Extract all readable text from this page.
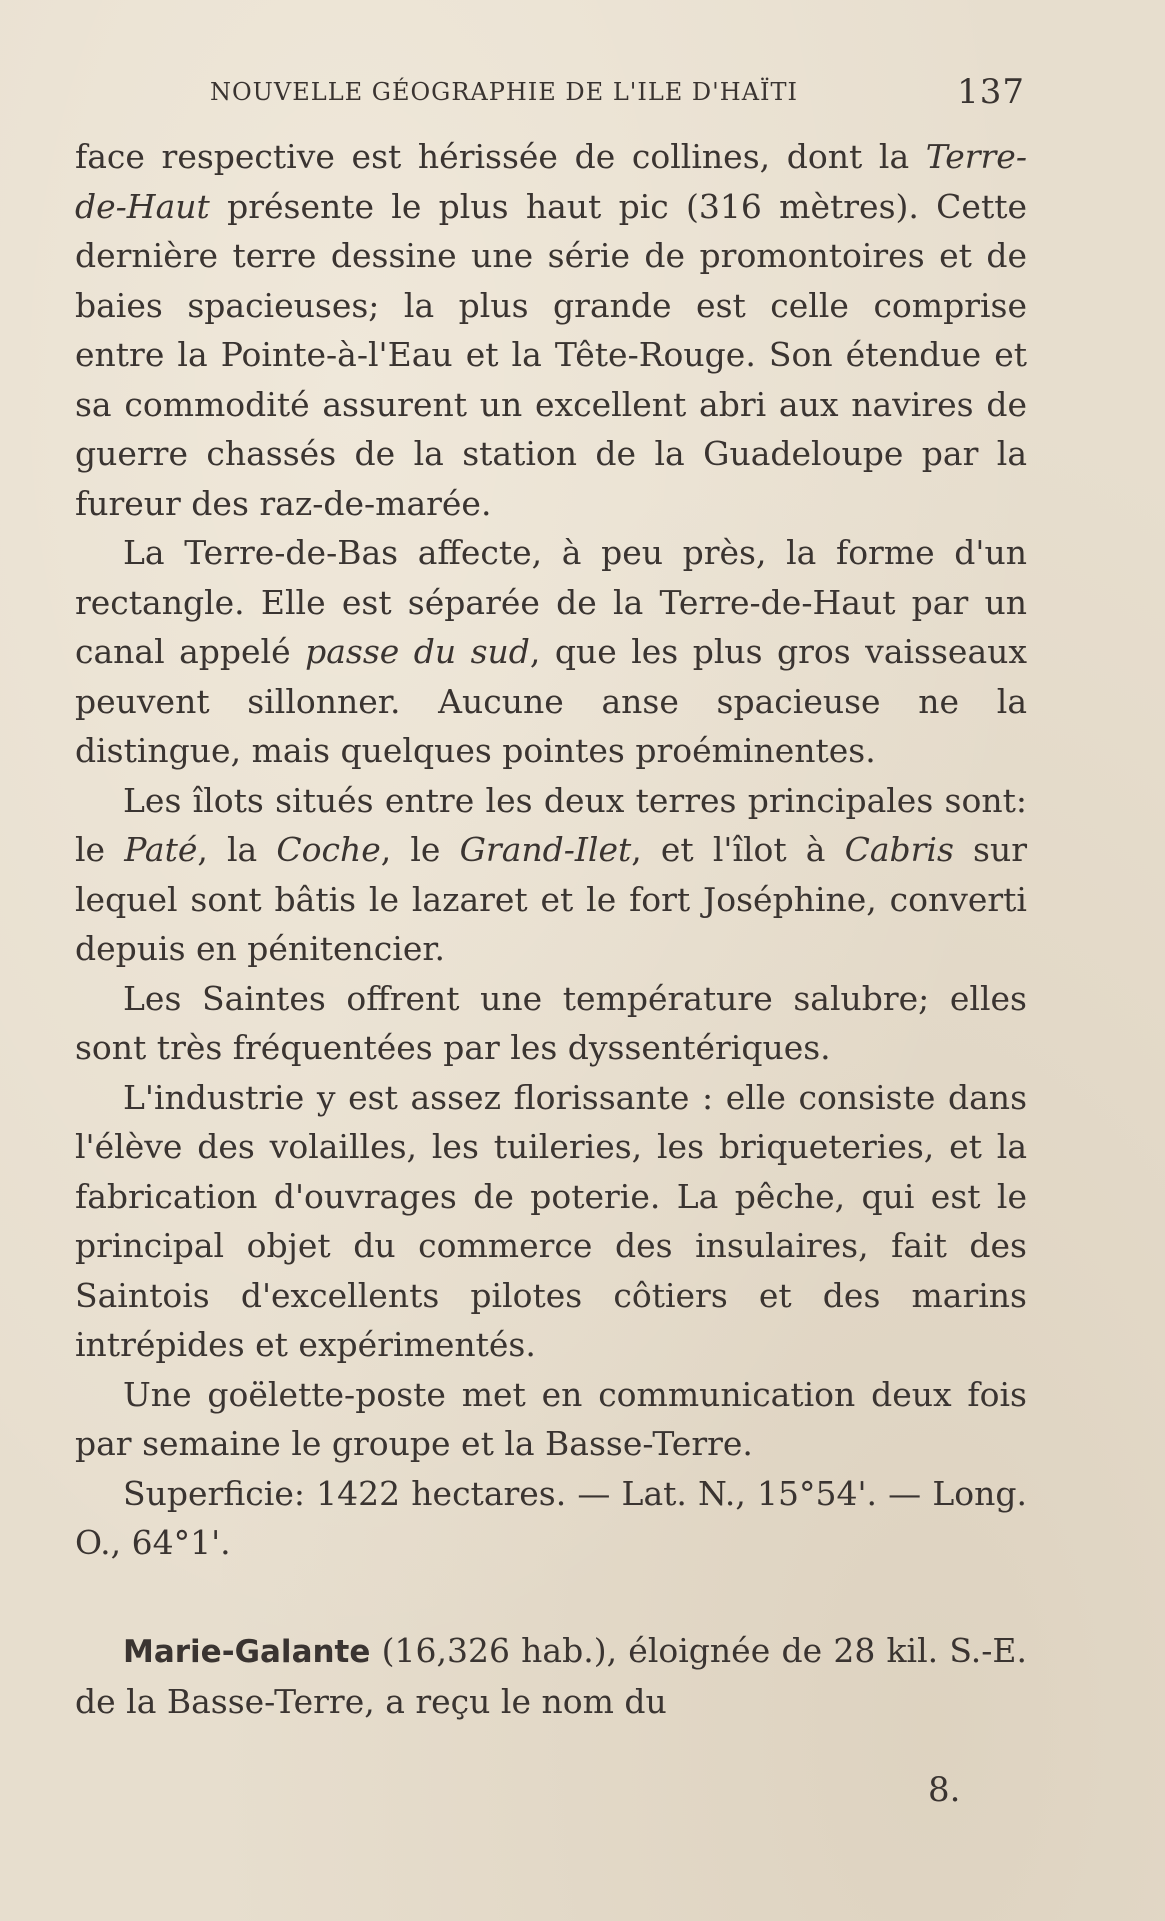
NOUVELLE GÉOGRAPHIE DE L'ILE D'HAÏTI	137

face respective est hérissée de collines, dont la Terre-de-Haut présente le plus haut pic (316 mètres). Cette dernière terre dessine une série de promontoires et de baies spacieuses; la plus grande est celle comprise entre la Pointe-à-l'Eau et la Tête-Rouge. Son étendue et sa commodité assurent un excellent abri aux navires de guerre chassés de la station de la Guadeloupe par la fureur des raz-de-marée.

La Terre-de-Bas affecte, à peu près, la forme d'un rectangle. Elle est séparée de la Terre-de-Haut par un canal appelé passe du sud, que les plus gros vaisseaux peuvent sillonner. Aucune anse spacieuse ne la distingue, mais quelques pointes proéminentes.

Les îlots situés entre les deux terres principales sont: le Paté, la Coche, le Grand-Ilet, et l'îlot à Cabris sur lequel sont bâtis le lazaret et le fort Joséphine, converti depuis en pénitencier.

Les Saintes offrent une température salubre; elles sont très fréquentées par les dyssentériques.

L'industrie y est assez florissante : elle consiste dans l'élève des volailles, les tuileries, les briqueteries, et la fabrication d'ouvrages de poterie. La pêche, qui est le principal objet du commerce des insulaires, fait des Saintois d'excellents pilotes côtiers et des marins intrépides et expérimentés.

Une goëlette-poste met en communication deux fois par semaine le groupe et la Basse-Terre.

Superficie: 1422 hectares. — Lat. N., 15°54'. — Long. O., 64°1'.

Marie-Galante (16,326 hab.), éloignée de 28 kil. S.-E. de la Basse-Terre, a reçu le nom du

8.
